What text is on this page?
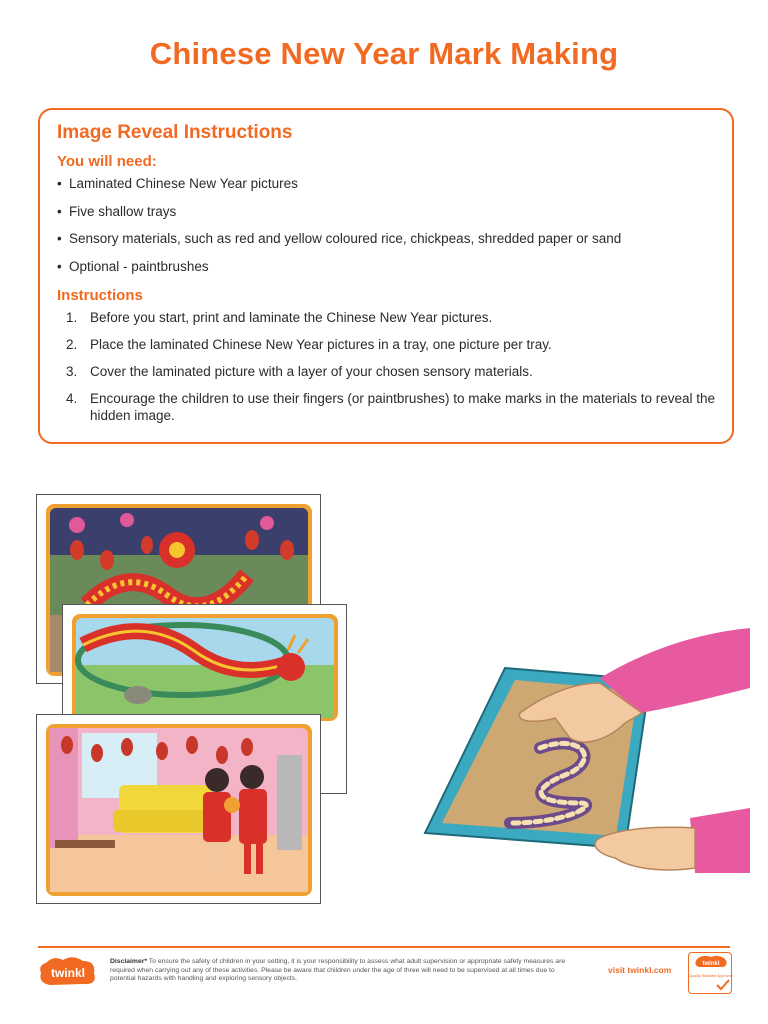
Chinese New Year Mark Making
Image Reveal Instructions
You will need:
• Laminated Chinese New Year pictures
• Five shallow trays
• Sensory materials, such as red and yellow coloured rice, chickpeas, shredded paper or sand
• Optional - paintbrushes
Instructions
1. Before you start, print and laminate the Chinese New Year pictures.
2. Place the laminated Chinese New Year pictures in a tray, one picture per tray.
3. Cover the laminated picture with a layer of your chosen sensory materials.
4. Encourage the children to use their fingers (or paintbrushes) to make marks in the materials to reveal the hidden image.
twinkl
Disclaimer* To ensure the safety of children in your setting, it is your responsibility to assess what adult supervision or appropriate safety measures are required when carrying out any of these activities. Please be aware that children under the age of three will need to be supervised at all times due to potential hazards with handling and exploring sensory objects.
visit twinkl.com
twinkl
Quality Standard Approved
